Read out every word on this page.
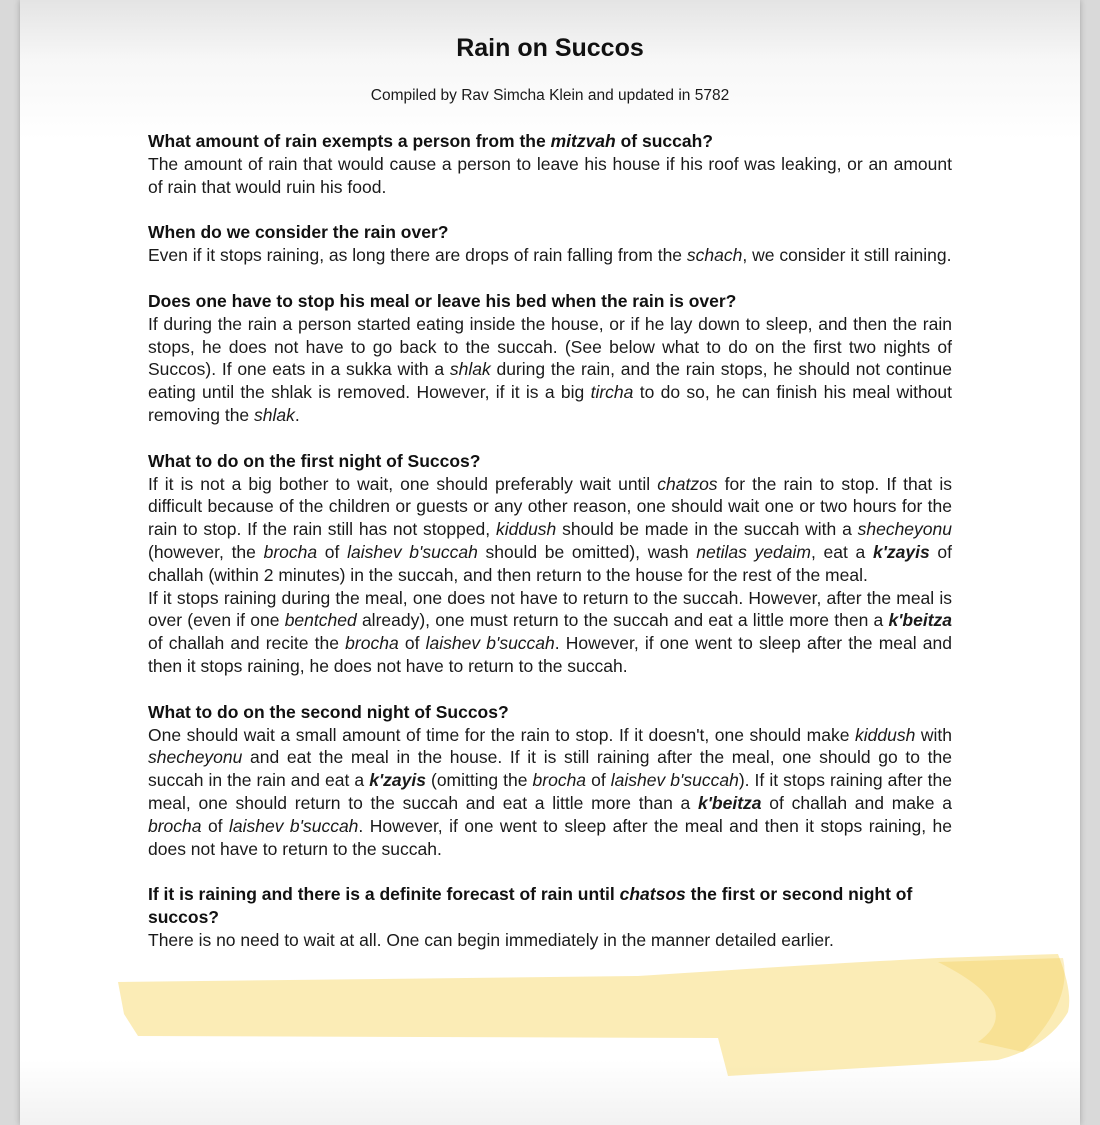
Rain on Succos

Compiled by Rav Simcha Klein and updated in 5782

What amount of rain exempts a person from the mitzvah of succah?

The amount of rain that would cause a person to leave his house if his roof was leaking, or an amount of rain that would ruin his food.

When do we consider the rain over?

Even if it stops raining, as long there are drops of rain falling from the schach, we consider it still raining.

Does one have to stop his meal or leave his bed when the rain is over?

If during the rain a person started eating inside the house, or if he lay down to sleep, and then the rain stops, he does not have to go back to the succah. (See below what to do on the first two nights of Succos). If one eats in a sukka with a shlak during the rain, and the rain stops, he should not continue eating until the shlak is removed. However, if it is a big tircha to do so, he can finish his meal without removing the shlak.

What to do on the first night of Succos?

If it is not a big bother to wait, one should preferably wait until chatzos for the rain to stop. If that is difficult because of the children or guests or any other reason, one should wait one or two hours for the rain to stop. If the rain still has not stopped, kiddush should be made in the succah with a shecheyonu (however, the brocha of laishev b'succah should be omitted), wash netilas yedaim, eat a k'zayis of challah (within 2 minutes) in the succah, and then return to the house for the rest of the meal.

If it stops raining during the meal, one does not have to return to the succah. However, after the meal is over (even if one bentched already), one must return to the succah and eat a little more then a k'beitza of challah and recite the brocha of laishev b'succah. However, if one went to sleep after the meal and then it stops raining, he does not have to return to the succah.

What to do on the second night of Succos?

One should wait a small amount of time for the rain to stop. If it doesn't, one should make kiddush with shecheyonu and eat the meal in the house. If it is still raining after the meal, one should go to the succah in the rain and eat a k'zayis (omitting the brocha of laishev b'succah). If it stops raining after the meal, one should return to the succah and eat a little more than a k'beitza of challah and make a brocha of laishev b'succah. However, if one went to sleep after the meal and then it stops raining, he does not have to return to the succah.

If it is raining and there is a definite forecast of rain until chatsos the first or second night of succos?

There is no need to wait at all. One can begin immediately in the manner detailed earlier.
